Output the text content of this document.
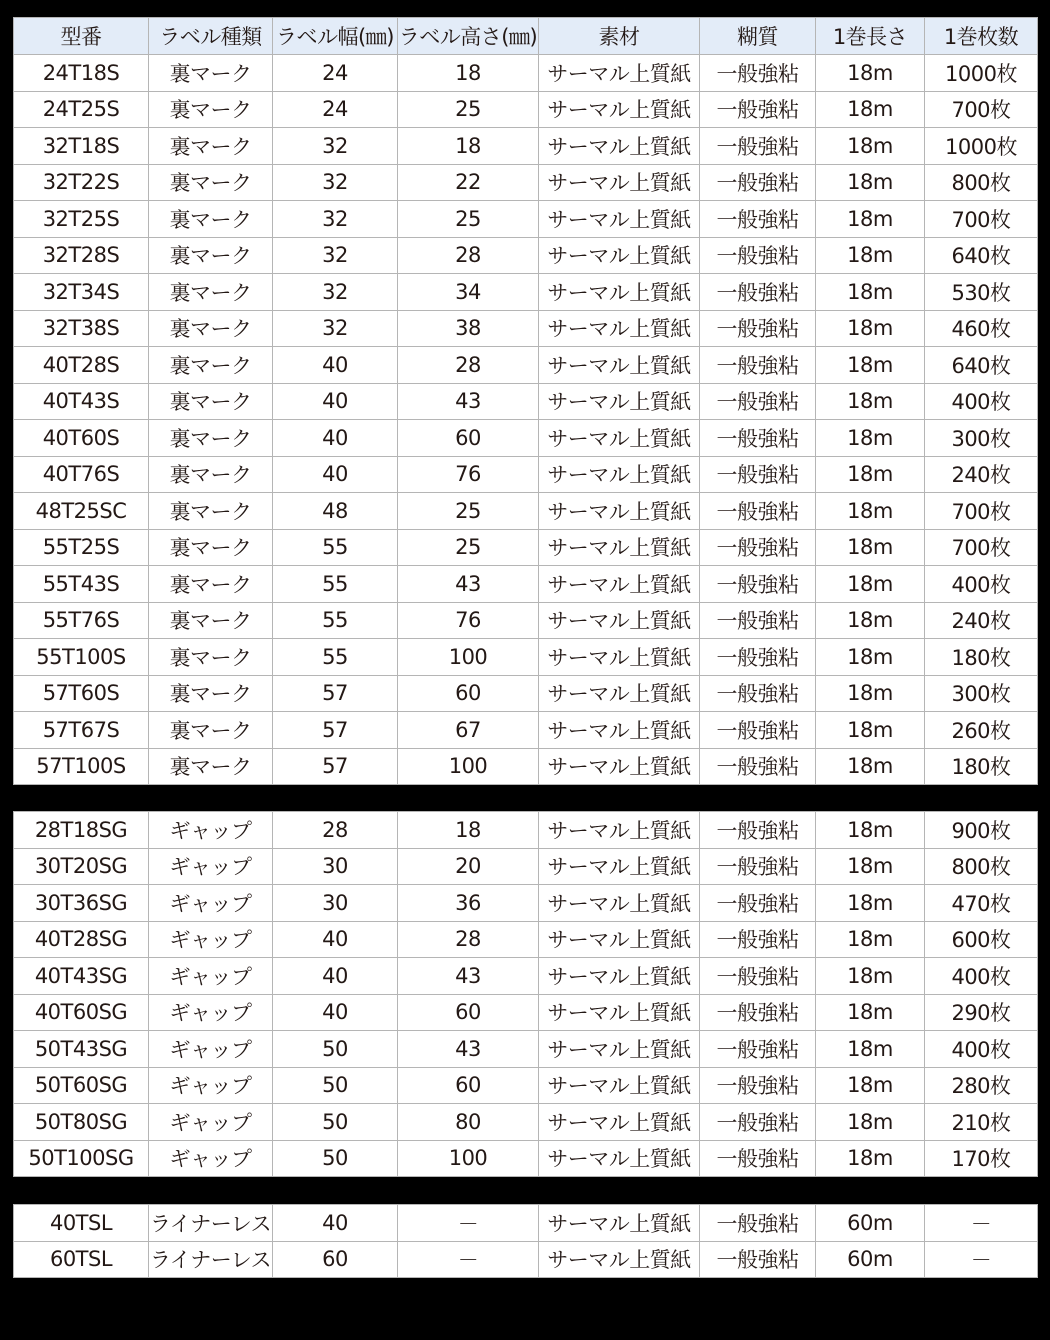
型番	ラベル種類	ラベル幅(㎜)	ラベル高さ(㎜)	素材	糊質	1巻長さ	1巻枚数
24T18S	裏マーク	24	18	サーマル上質紙	一般強粘	18m	1000枚
24T25S	裏マーク	24	25	サーマル上質紙	一般強粘	18m	700枚
32T18S	裏マーク	32	18	サーマル上質紙	一般強粘	18m	1000枚
32T22S	裏マーク	32	22	サーマル上質紙	一般強粘	18m	800枚
32T25S	裏マーク	32	25	サーマル上質紙	一般強粘	18m	700枚
32T28S	裏マーク	32	28	サーマル上質紙	一般強粘	18m	640枚
32T34S	裏マーク	32	34	サーマル上質紙	一般強粘	18m	530枚
32T38S	裏マーク	32	38	サーマル上質紙	一般強粘	18m	460枚
40T28S	裏マーク	40	28	サーマル上質紙	一般強粘	18m	640枚
40T43S	裏マーク	40	43	サーマル上質紙	一般強粘	18m	400枚
40T60S	裏マーク	40	60	サーマル上質紙	一般強粘	18m	300枚
40T76S	裏マーク	40	76	サーマル上質紙	一般強粘	18m	240枚
48T25SC	裏マーク	48	25	サーマル上質紙	一般強粘	18m	700枚
55T25S	裏マーク	55	25	サーマル上質紙	一般強粘	18m	700枚
55T43S	裏マーク	55	43	サーマル上質紙	一般強粘	18m	400枚
55T76S	裏マーク	55	76	サーマル上質紙	一般強粘	18m	240枚
55T100S	裏マーク	55	100	サーマル上質紙	一般強粘	18m	180枚
57T60S	裏マーク	57	60	サーマル上質紙	一般強粘	18m	300枚
57T67S	裏マーク	57	67	サーマル上質紙	一般強粘	18m	260枚
57T100S	裏マーク	57	100	サーマル上質紙	一般強粘	18m	180枚
28T18SG	ギャップ	28	18	サーマル上質紙	一般強粘	18m	900枚
30T20SG	ギャップ	30	20	サーマル上質紙	一般強粘	18m	800枚
30T36SG	ギャップ	30	36	サーマル上質紙	一般強粘	18m	470枚
40T28SG	ギャップ	40	28	サーマル上質紙	一般強粘	18m	600枚
40T43SG	ギャップ	40	43	サーマル上質紙	一般強粘	18m	400枚
40T60SG	ギャップ	40	60	サーマル上質紙	一般強粘	18m	290枚
50T43SG	ギャップ	50	43	サーマル上質紙	一般強粘	18m	400枚
50T60SG	ギャップ	50	60	サーマル上質紙	一般強粘	18m	280枚
50T80SG	ギャップ	50	80	サーマル上質紙	一般強粘	18m	210枚
50T100SG	ギャップ	50	100	サーマル上質紙	一般強粘	18m	170枚
40TSL	ライナーレス	40	－	サーマル上質紙	一般強粘	60m	－
60TSL	ライナーレス	60	－	サーマル上質紙	一般強粘	60m	－
